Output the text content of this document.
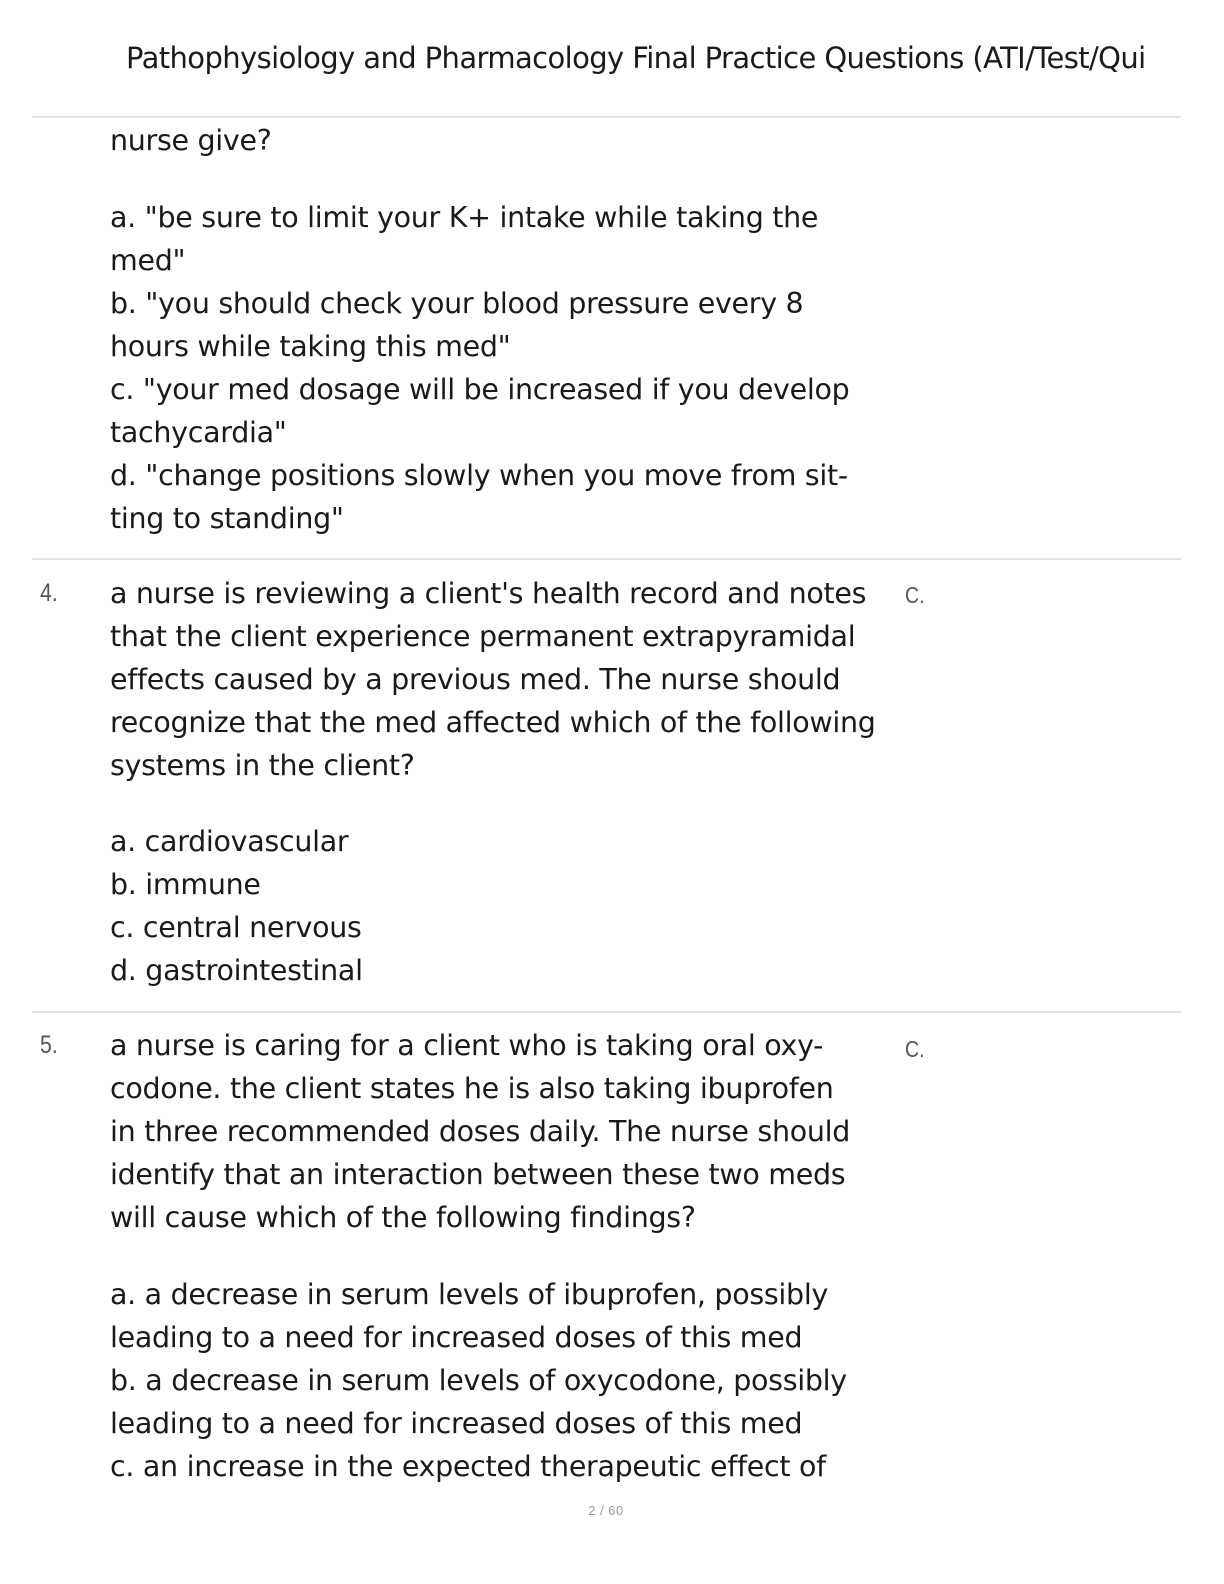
Pathophysiology and Pharmacology Final Practice Questions (ATI/Test/Qui
nurse give?
a. "be sure to limit your K+ intake while taking the
med"
b. "you should check your blood pressure every 8
hours while taking this med"
c. "your med dosage will be increased if you develop
tachycardia"
d. "change positions slowly when you move from sit-
ting to standing"
4.	C.
a nurse is reviewing a client's health record and notes
that the client experience permanent extrapyramidal
effects caused by a previous med. The nurse should
recognize that the med affected which of the following
systems in the client?
a. cardiovascular
b. immune
c. central nervous
d. gastrointestinal
5.	C.
a nurse is caring for a client who is taking oral oxy-
codone. the client states he is also taking ibuprofen
in three recommended doses daily. The nurse should
identify that an interaction between these two meds
will cause which of the following findings?
a. a decrease in serum levels of ibuprofen, possibly
leading to a need for increased doses of this med
b. a decrease in serum levels of oxycodone, possibly
leading to a need for increased doses of this med
c. an increase in the expected therapeutic effect of
2 / 60
